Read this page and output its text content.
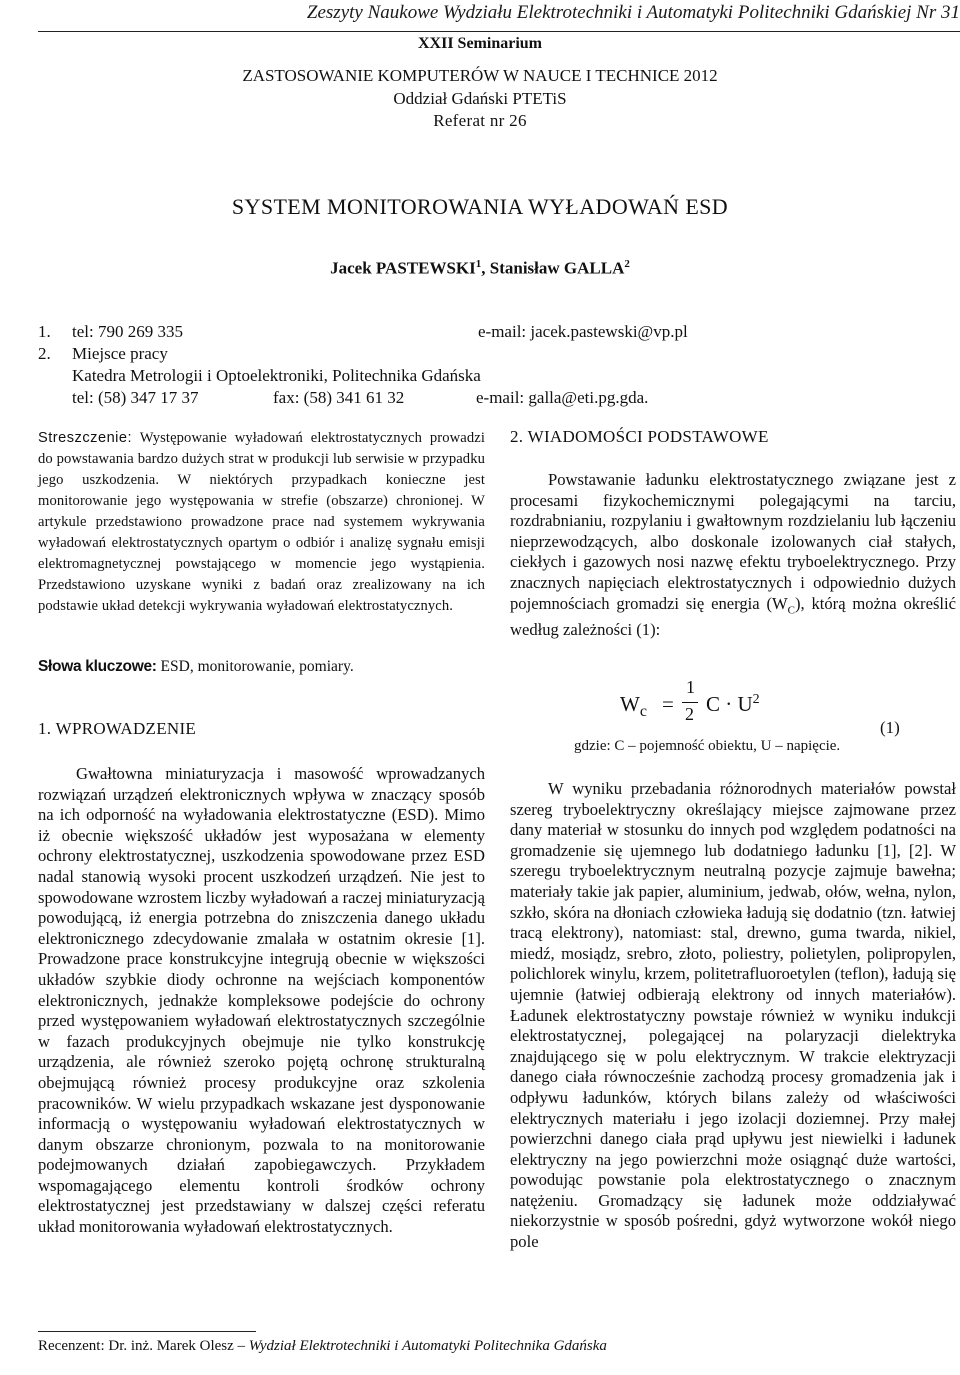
Zeszyty Naukowe Wydziału Elektrotechniki i Automatyki Politechniki Gdańskiej Nr 31
XXII Seminarium
ZASTOSOWANIE KOMPUTERÓW W NAUCE I TECHNICE 2012
Oddział Gdański PTETiS
Referat nr 26
SYSTEM MONITOROWANIA WYŁADOWAŃ ESD
Jacek PASTEWSKI$^1$, Stanisław GALLA$^2$
1. tel: 790 269 335	e-mail: jacek.pastewski@vp.pl
2. Miejsce pracy
Katedra Metrologii i Optoelektroniki, Politechnika Gdańska
tel: (58) 347 17 37	fax: (58) 341 61 32	e-mail: galla@eti.pg.gda.
Streszczenie: Występowanie wyładowań elektrostatycznych prowadzi do powstawania bardzo dużych strat w produkcji lub serwisie w przypadku jego uszkodzenia. W niektórych przypadkach konieczne jest monitorowanie jego występowania w strefie (obszarze) chronionej. W artykule przedstawiono prowadzone prace nad systemem wykrywania wyładowań elektrostatycznych opartym o odbiór i analizę sygnału emisji elektromagnetycznej powstającego w momencie jego wystąpienia. Przedstawiono uzyskane wyniki z badań oraz zrealizowany na ich podstawie układ detekcji wykrywania wyładowań elektrostatycznych.
Słowa kluczowe: ESD, monitorowanie, pomiary.
1. WPROWADZENIE
Gwałtowna miniaturyzacja i masowość wprowadzanych rozwiązań urządzeń elektronicznych wpływa w znaczący sposób na ich odporność na wyładowania elektrostatyczne (ESD). Mimo iż obecnie większość układów jest wyposażana w elementy ochrony elektrostatycznej, uszkodzenia spowodowane przez ESD nadal stanowią wysoki procent uszkodzeń urządzeń. Nie jest to spowodowane wzrostem liczby wyładowań a raczej miniaturyzacją powodującą, iż energia potrzebna do zniszczenia danego układu elektronicznego zdecydowanie zmalała w ostatnim okresie [1]. Prowadzone prace konstrukcyjne integrują obecnie w większości układów szybkie diody ochronne na wejściach komponentów elektronicznych, jednakże kompleksowe podejście do ochrony przed występowaniem wyładowań elektrostatycznych szczególnie w fazach produkcyjnych obejmuje nie tylko konstrukcję urządzenia, ale również szeroko pojętą ochronę strukturalną obejmującą również procesy produkcyjne oraz szkolenia pracowników. W wielu przypadkach wskazane jest dysponowanie informacją o występowaniu wyładowań elektrostatycznych w danym obszarze chronionym, pozwala to na monitorowanie podejmowanych działań zapobiegawczych. Przykładem wspomagającego elementu kontroli środków ochrony elektrostatycznej jest przedstawiany w dalszej części referatu układ monitorowania wyładowań elektrostatycznych.
2. WIADOMOŚCI PODSTAWOWE
Powstawanie ładunku elektrostatycznego związane jest z procesami fizykochemicznymi polegającymi na tarciu, rozdrabnianiu, rozpylaniu i gwałtownym rozdzielaniu lub łączeniu nieprzewodzących, albo doskonale izolowanych ciał stałych, ciekłych i gazowych nosi nazwę efektu tryboelektrycznego. Przy znacznych napięciach elektrostatycznych i odpowiednio dużych pojemnościach gromadzi się energia $(W_C)$, którą można określić według zależności (1):
$W_c$ =
1
2 $C \cdot U^2$
(1)
gdzie: C – pojemność obiektu, U – napięcie.
W wyniku przebadania różnorodnych materiałów powstał szereg tryboelektryczny określający miejsce zajmowane przez dany materiał w stosunku do innych pod względem podatności na gromadzenie się ujemnego lub dodatniego ładunku [1], [2]. W szeregu tryboelektrycznym neutralną pozycje zajmuje bawełna; materiały takie jak papier, aluminium, jedwab, ołów, wełna, nylon, szkło, skóra na dłoniach człowieka ładują się dodatnio (tzn. łatwiej tracą elektrony), natomiast: stal, drewno, guma twarda, nikiel, miedź, mosiądz, srebro, złoto, poliestry, polietylen, polipropylen, polichlorek winylu, krzem, politetrafluoroetylen (teflon), ładują się ujemnie (łatwiej odbierają elektrony od innych materiałów). Ładunek elektrostatyczny powstaje również w wyniku indukcji elektrostatycznej, polegającej na polaryzacji dielektryka znajdującego się w polu elektrycznym. W trakcie elektryzacji danego ciała równocześnie zachodzą procesy gromadzenia jak i odpływu ładunków, których bilans zależy od właściwości elektrycznych materiału i jego izolacji doziemnej. Przy małej powierzchni danego ciała prąd upływu jest niewielki i ładunek elektryczny na jego powierzchni może osiągnąć duże wartości, powodując powstanie pola elektrostatycznego o znacznym natężeniu. Gromadzący się ładunek może oddziaływać niekorzystnie w sposób pośredni, gdyż wytworzone wokół niego pole
Recenzent: Dr. inż. Marek Olesz – Wydział Elektrotechniki i Automatyki Politechnika Gdańska
